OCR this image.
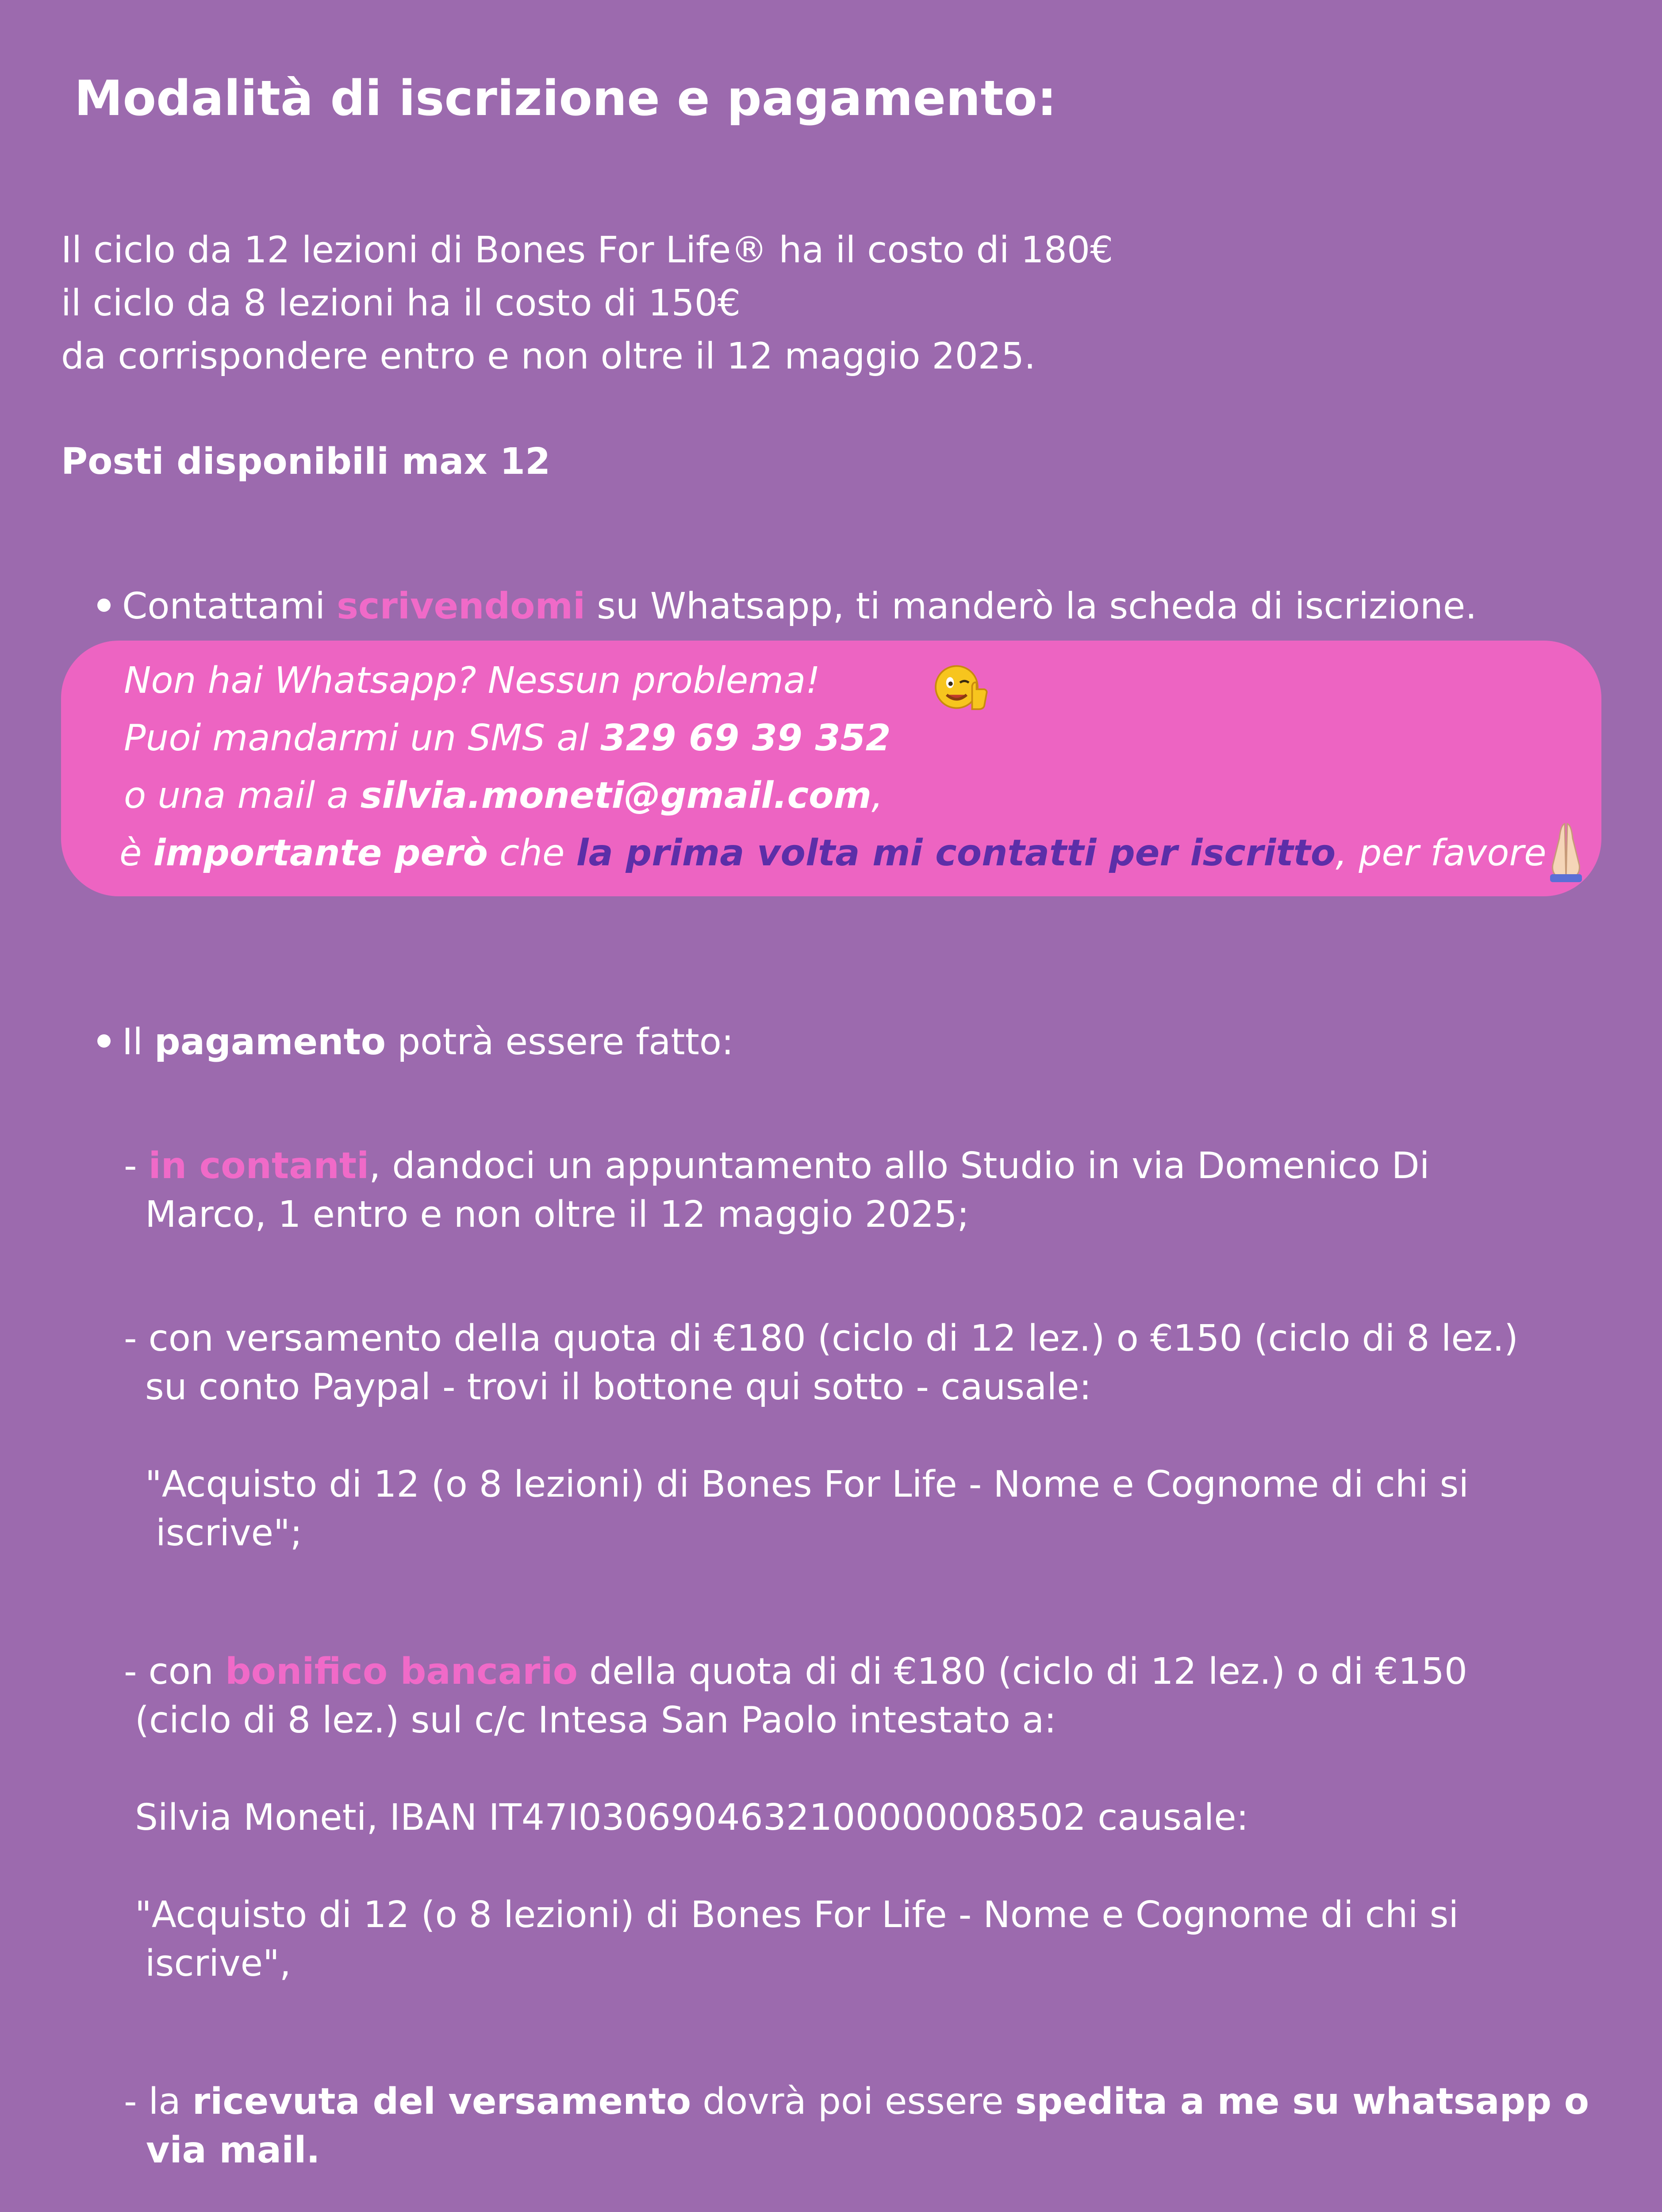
Modalità di iscrizione e pagamento:
Il ciclo da 12 lezioni di Bones For Life® ha il costo di 180€
il ciclo da 8 lezioni ha il costo di 150€
da corrispondere entro e non oltre il 12 maggio 2025.
Posti disponibili max 12
Contattami scrivendomi su Whatsapp, ti manderò la scheda di iscrizione.
Non hai Whatsapp? Nessun problema!
Puoi mandarmi un SMS al 329 69 39 352
o una mail a silvia.moneti@gmail.com,
è importante però che la prima volta mi contatti per iscritto, per favore
Il pagamento potrà essere fatto:
- in contanti, dandoci un appuntamento allo Studio in via Domenico Di
Marco, 1 entro e non oltre il 12 maggio 2025;
- con versamento della quota di €180 (ciclo di 12 lez.) o €150 (ciclo di 8 lez.)
su conto Paypal - trovi il bottone qui sotto - causale:
"Acquisto di 12 (o 8 lezioni) di Bones For Life - Nome e Cognome di chi si
iscrive";
- con bonifico bancario della quota di di €180 (ciclo di 12 lez.) o di €150
(ciclo di 8 lez.) sul c/c Intesa San Paolo intestato a:
Silvia Moneti, IBAN IT47I0306904632100000008502 causale:
"Acquisto di 12 (o 8 lezioni) di Bones For Life - Nome e Cognome di chi si
iscrive",
- la ricevuta del versamento dovrà poi essere spedita a me su whatsapp o
via mail.
